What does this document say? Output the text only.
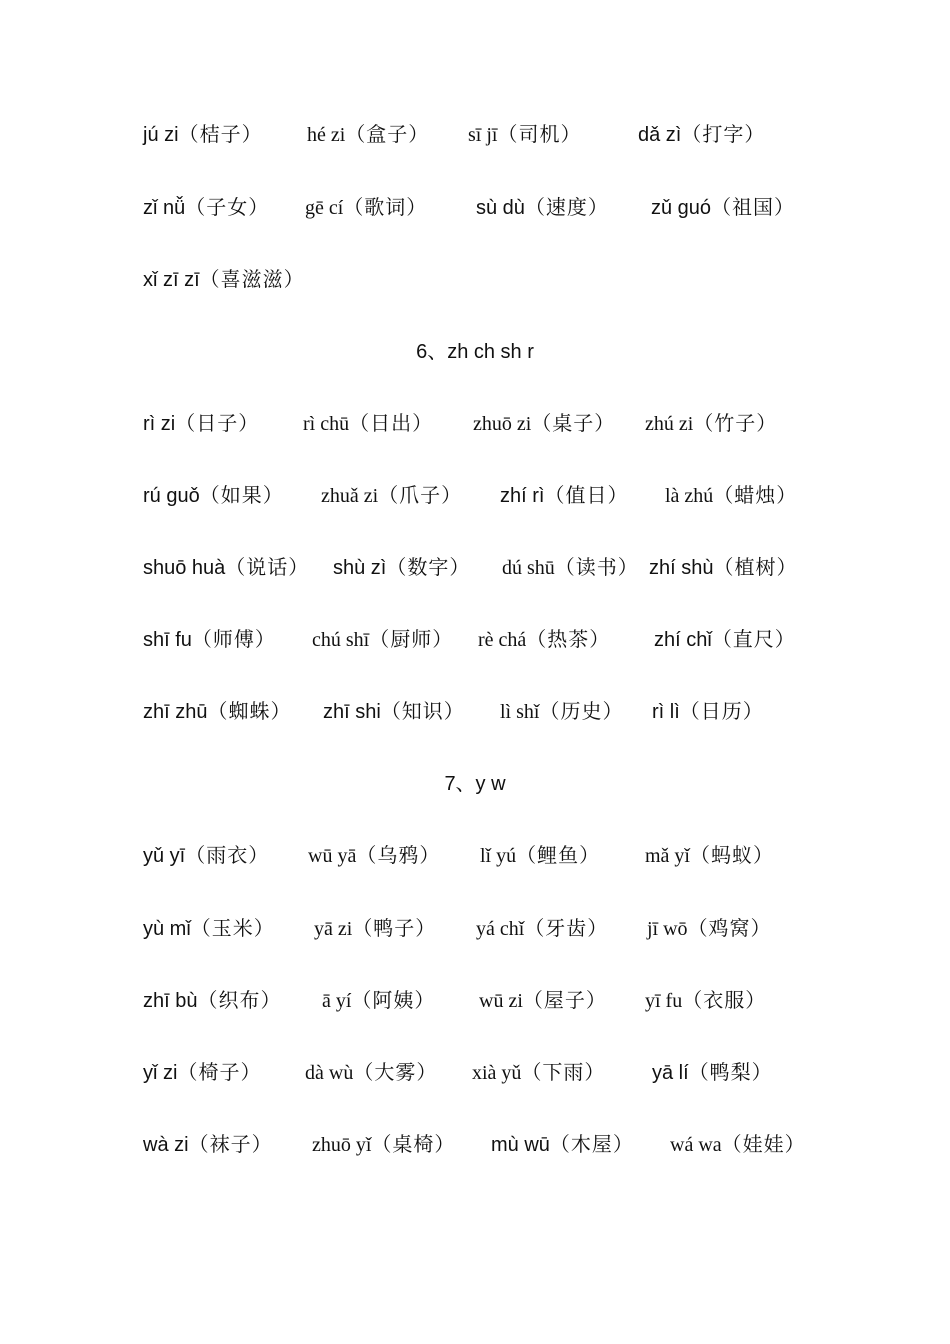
jú zi（桔子） hé zi（盒子） sī jī（司机）	dǎ zì（打字）
zǐ nǚ（子女） gē cí（歌词） sù dù（速度） zǔ guó（祖国）
xǐ zī zī（喜滋滋）
6、zh ch sh r
rì zi（日子） rì chū（日出） zhuō zi（桌子） zhú zi（竹子）
rú guǒ（如果） zhuǎ zi（爪子） zhí rì（值日） là zhú（蜡烛）
shuō huà（说话） shù zì（数字） dú shū（读书） zhí shù（植树）
shī fu（师傅） chú shī（厨师） rè chá（热茶） zhí chǐ（直尺）
zhī zhū（蜘蛛） zhī shi（知识） lì shǐ（历史） rì lì（日历）
7、y w
yǔ yī（雨衣） wū yā（乌鸦） lǐ yú（鲤鱼） mǎ yǐ（蚂蚁）
yù mǐ（玉米） yā zi（鸭子） yá chǐ（牙齿） jī wō（鸡窝）
zhī bù（织布） ā yí（阿姨） wū zi（屋子） yī fu（衣服）
yǐ zi（椅子） dà wù（大雾） xià yǔ（下雨） yā lí（鸭梨）
wà zi（袜子） zhuō yǐ（桌椅） mù wū（木屋） wá wa（娃娃）
